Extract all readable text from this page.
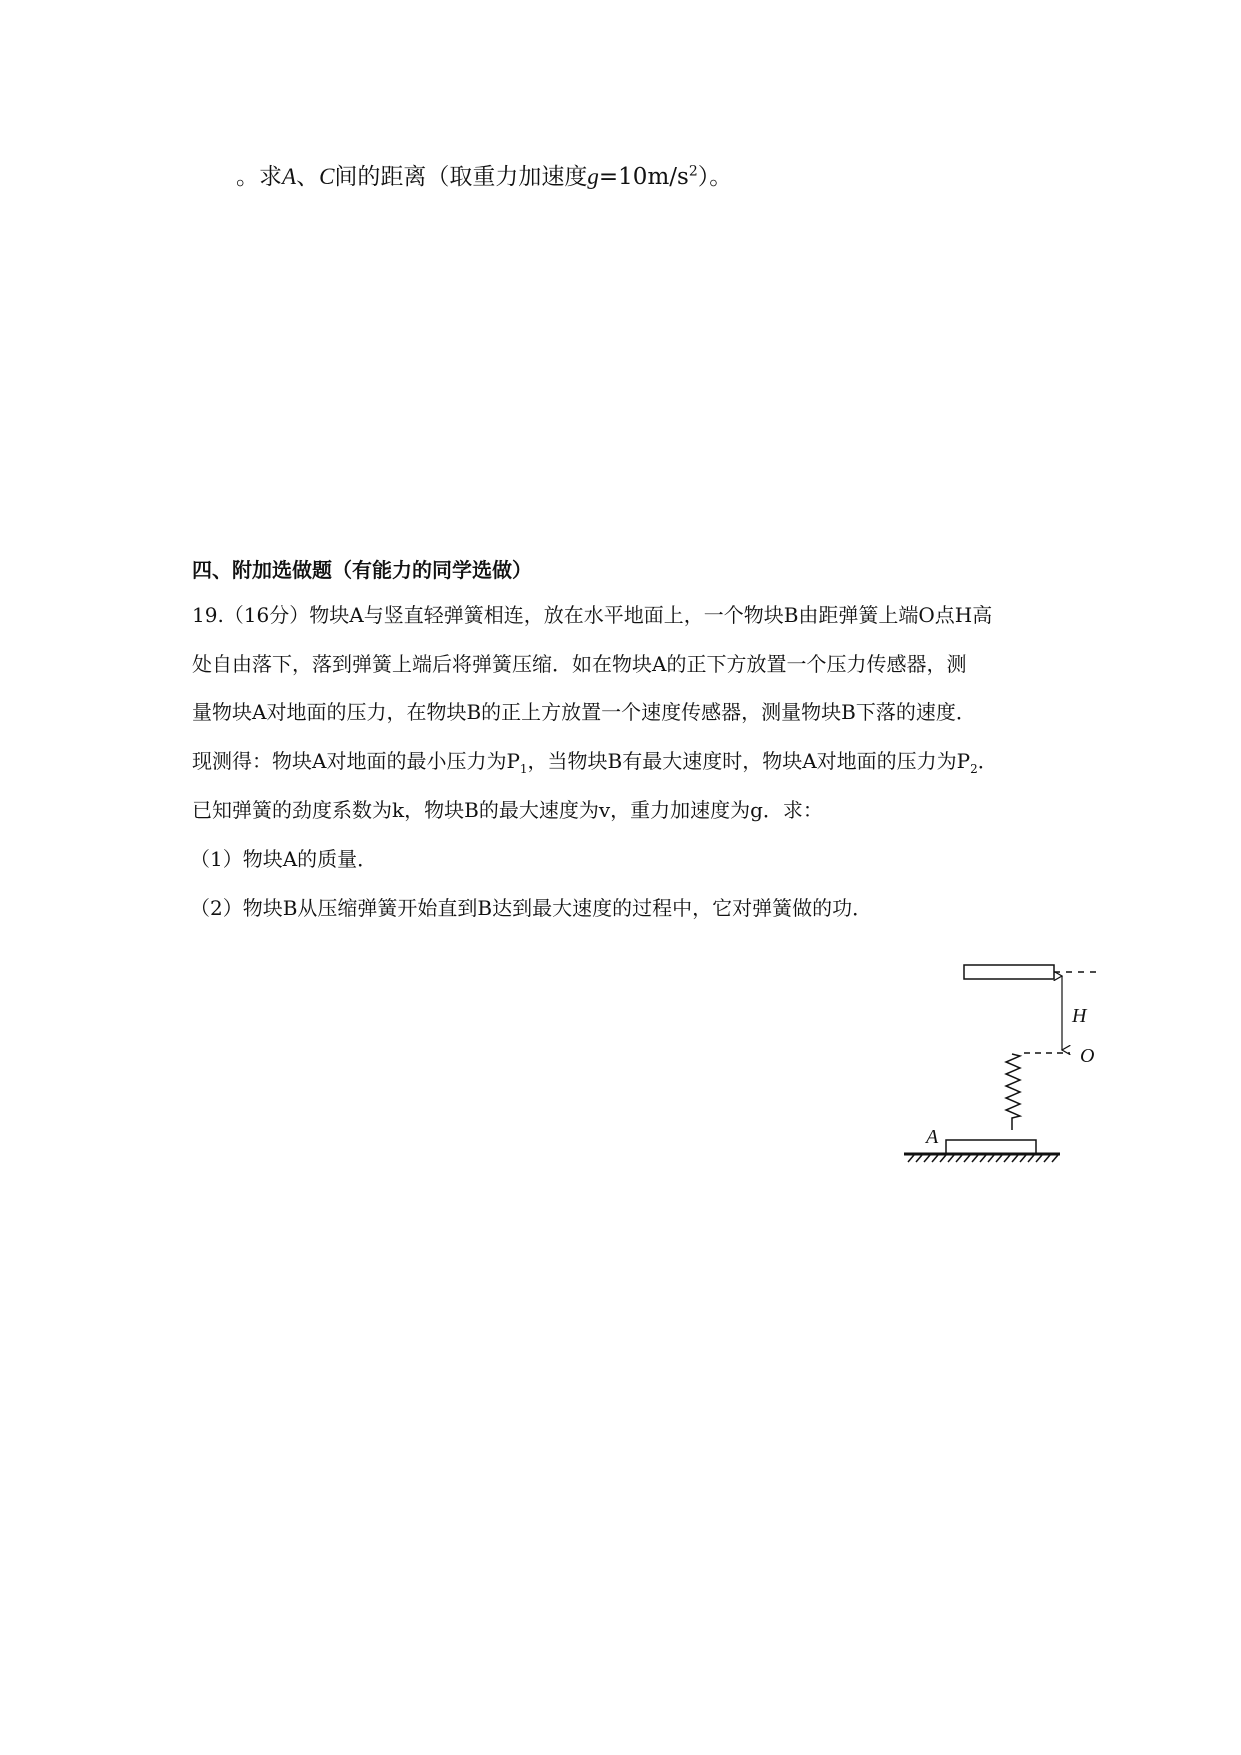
。求A、C间的距离（取重力加速度$g=10m/s^2$）。
四、附加选做题（有能力的同学选做）
19.（16分）物块A与竖直轻弹簧相连，放在水平地面上，一个物块B由距弹簧上端O点H高
处自由落下，落到弹簧上端后将弹簧压缩．如在物块A的正下方放置一个压力传感器，测
量物块A对地面的压力，在物块B的正上方放置一个速度传感器，测量物块B下落的速度．
现测得：物块A对地面的最小压力为$P_1$，当物块B有最大速度时，物块A对地面的压力为$P_2$．
已知弹簧的劲度系数为k，物块B的最大速度为v，重力加速度为g．求：
（1）物块A的质量．
（2）物块B从压缩弹簧开始直到B达到最大速度的过程中，它对弹簧做的功．
H
O
A
